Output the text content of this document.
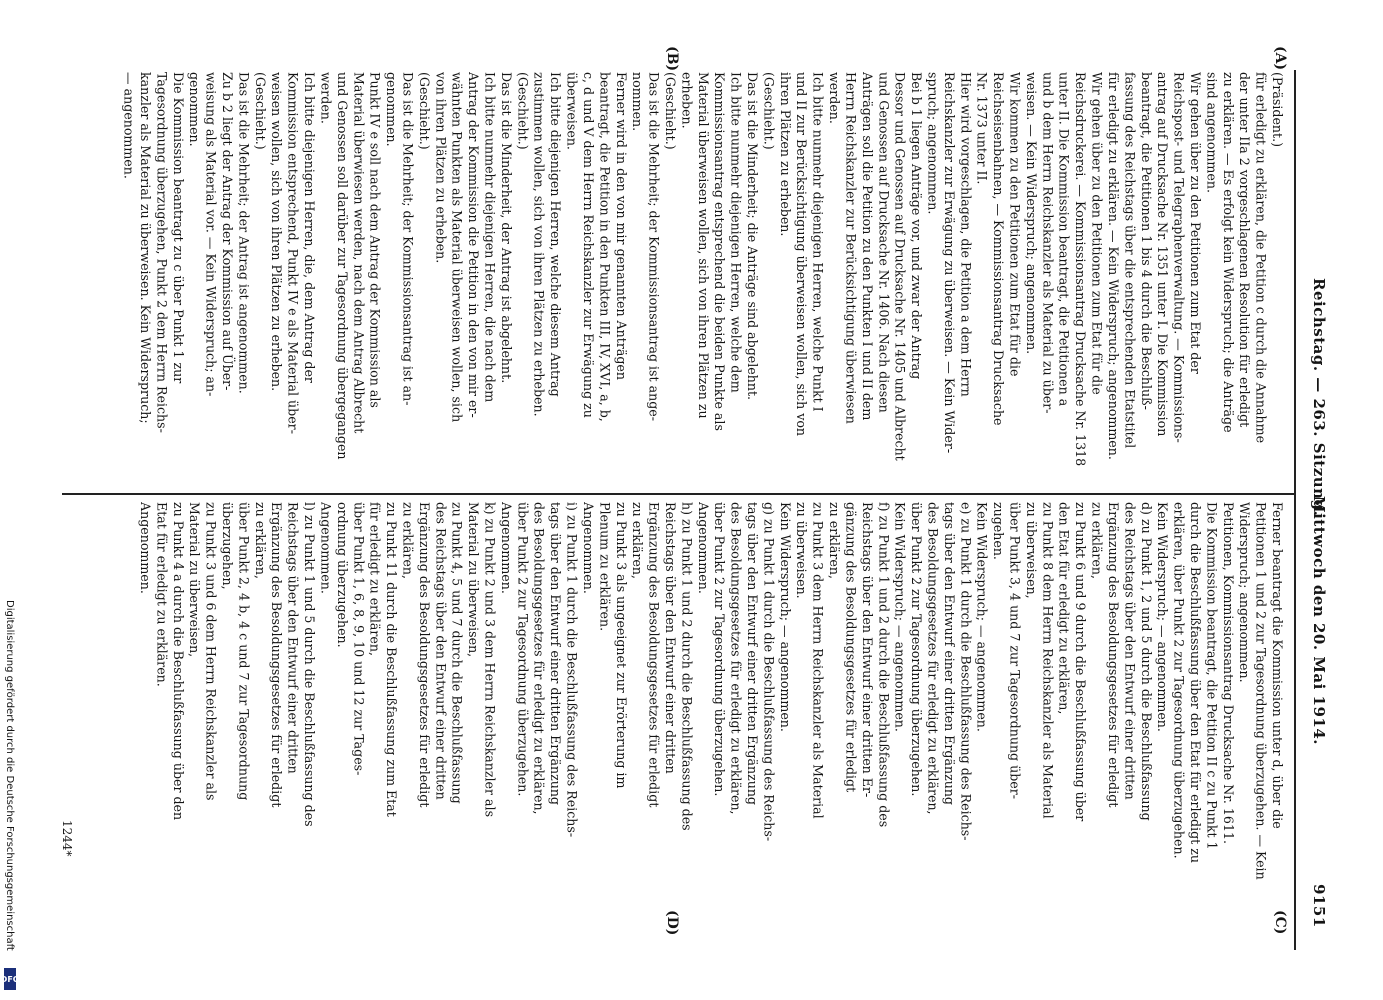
9151
Reichstag. — 263. Sitzung.
Mittwoch den 20. Mai 1914.
(A)
(B)
(C)
(D)
(Präsident.)
für erledigt zu erklären, die Petition c durch die Annahme
der unter IIa 2 vorgeschlagenen Resolution für erledigt
zu erklären. — Es erfolgt kein Widerspruch; die Anträge
sind angenommen.
Wir gehen über zu den Petitionen zum Etat der
Reichspost- und Telegraphenverwaltung. — Kommissions-
antrag auf Drucksache Nr. 1351 unter I. Die Kommission
beantragt, die Petitionen 1 bis 4 durch die Beschluß-
fassung des Reichstags über die entsprechenden Etatstitel
für erledigt zu erklären. — Kein Widerspruch; angenommen.
Wir gehen über zu den Petitionen zum Etat für die
Reichsdruckerei. — Kommissionsantrag Drucksache Nr. 1318
unter II. Die Kommission beantragt, die Petitionen a
und b dem Herrn Reichskanzler als Material zu über-
weisen. — Kein Widerspruch; angenommen.
Wir kommen zu den Petitionen zum Etat für die
Reichseisenbahnen, — Kommissionsantrag Drucksache
Nr. 1373 unter II.
Hier wird vorgeschlagen, die Petition a dem Herrn
Reichskanzler zur Erwägung zu überweisen. — Kein Wider-
spruch; angenommen.
Bei b 1 liegen Anträge vor, und zwar der Antrag
Dessor und Genossen auf Drucksache Nr. 1405 und Albrecht
und Genossen auf Drucksache Nr. 1406. Nach diesen
Anträgen soll die Petition zu den Punkten I und II dem
Herrn Reichskanzler zur Berücksichtigung überwiesen
werden.
Ich bitte nunmehr diejenigen Herren, welche Punkt I
und II zur Berücksichtigung überweisen wollen, sich von
ihren Plätzen zu erheben.
(Geschieht.)
Das ist die Minderheit; die Anträge sind abgelehnt.
Ich bitte nunmehr diejenigen Herren, welche dem
Kommissionsantrag entsprechend die beiden Punkte als
Material überweisen wollen, sich von ihren Plätzen zu
erheben.
(Geschieht.)
Das ist die Mehrheit; der Kommissionsantrag ist ange-
nommen.
Ferner wird in den von mir genannten Anträgen
beantragt, die Petition in den Punkten III, IV, XVI, a, b,
c, d und V dem Herrn Reichskanzler zur Erwägung zu
überweisen.
Ich bitte diejenigen Herren, welche diesem Antrag
zustimmen wollen, sich von ihren Plätzen zu erheben.
(Geschieht.)
Das ist die Minderheit, der Antrag ist abgelehnt.
Ich bitte nunmehr diejenigen Herren, die nach dem
Antrag der Kommission die Petition in den von mir er-
wähnten Punkten als Material überweisen wollen, sich
von ihren Plätzen zu erheben.
(Geschieht.)
Das ist die Mehrheit; der Kommissionsantrag ist an-
genommen.
Punkt IV e soll nach dem Antrag der Kommission als
Material überwiesen werden, nach dem Antrag Albrecht
und Genossen soll darüber zur Tagesordnung übergegangen
werden.
Ich bitte diejenigen Herren, die, dem Antrag der
Kommission entsprechend, Punkt IV e als Material über-
weisen wollen, sich von ihren Plätzen zu erheben.
(Geschieht.)
Das ist die Mehrheit; der Antrag ist angenommen.
Zu b 2 liegt der Antrag der Kommission auf Über-
weisung als Material vor. — Kein Widerspruch; an-
genommen.
Die Kommission beantragt zu c über Punkt 1 zur
Tagesordnung überzugehen, Punkt 2 dem Herrn Reichs-
kanzler als Material zu überweisen. Kein Widerspruch;
— angenommen.
Ferner beantragt die Kommission unter d, über die
Petitionen 1 und 2 zur Tagesordnung überzugehen. — Kein
Widerspruch; angenommen.
Petitionen, Kommissionsantrag Drucksache Nr. 1611.
Die Kommission beantragt, die Petition II c zu Punkt 1
durch die Beschlußfassung über den Etat für erledigt zu
erklären, über Punkt 2 zur Tagesordnung überzugehen.
Kein Widerspruch; — angenommen.
d) zu Punkt 1, 2 und 5 durch die Beschlußfassung
des Reichstags über den Entwurf einer dritten
Ergänzung des Besoldungsgesetzes für erledigt
zu erklären,
zu Punkt 6 und 9 durch die Beschlußfassung über
den Etat für erledigt zu erklären,
zu Punkt 8 dem Herrn Reichskanzler als Material
zu überweisen,
über Punkt 3, 4 und 7 zur Tagesordnung über-
zugehen.
Kein Widerspruch; — angenommen.
e) zu Punkt 1 durch die Beschlußfassung des Reichs-
tags über den Entwurf einer dritten Ergänzung
des Besoldungsgesetzes für erledigt zu erklären,
über Punkt 2 zur Tagesordnung überzugehen.
Kein Widerspruch; — angenommen.
f) zu Punkt 1 und 2 durch die Beschlußfassung des
Reichstags über den Entwurf einer dritten Er-
gänzung des Besoldungsgesetzes für erledigt
zu erklären,
zu Punkt 3 dem Herrn Reichskanzler als Material
zu überweisen.
Kein Widerspruch; — angenommen.
g) zu Punkt 1 durch die Beschlußfassung des Reichs-
tags über den Entwurf einer dritten Ergänzung
des Besoldungsgesetzes für erledigt zu erklären,
über Punkt 2 zur Tagesordnung überzugehen.
Angenommen.
h) zu Punkt 1 und 2 durch die Beschlußfassung des
Reichstags über den Entwurf einer dritten
Ergänzung des Besoldungsgesetzes für erledigt
zu erklären,
zu Punkt 3 als ungeeignet zur Erörterung im
Plenum zu erklären.
Angenommen.
i) zu Punkt 1 durch die Beschlußfassung des Reichs-
tags über den Entwurf einer dritten Ergänzung
des Besoldungsgesetzes für erledigt zu erklären,
über Punkt 2 zur Tagesordnung überzugehen.
Angenommen.
k) zu Punkt 2 und 3 dem Herrn Reichskanzler als
Material zu überweisen,
zu Punkt 4, 5 und 7 durch die Beschlußfassung
des Reichstags über den Entwurf einer dritten
Ergänzung des Besoldungsgesetzes für erledigt
zu erklären,
zu Punkt 11 durch die Beschlußfassung zum Etat
für erledigt zu erklären,
über Punkt 1, 6, 8, 9, 10 und 12 zur Tages-
ordnung überzugehen.
Angenommen.
l) zu Punkt 1 und 5 durch die Beschlußfassung des
Reichstags über den Entwurf einer dritten
Ergänzung des Besoldungsgesetzes für erledigt
zu erklären,
über Punkt 2, 4 b, 4 c und 7 zur Tagesordnung
überzugehen,
zu Punkt 3 und 6 dem Herrn Reichskanzler als
Material zu überweisen,
zu Punkt 4 a durch die Beschlußfassung über den
Etat für erledigt zu erklären.
Angenommen.
1244*
Digitalisierung gefördert durch die Deutsche Forschungsgemeinschaft
DFG
